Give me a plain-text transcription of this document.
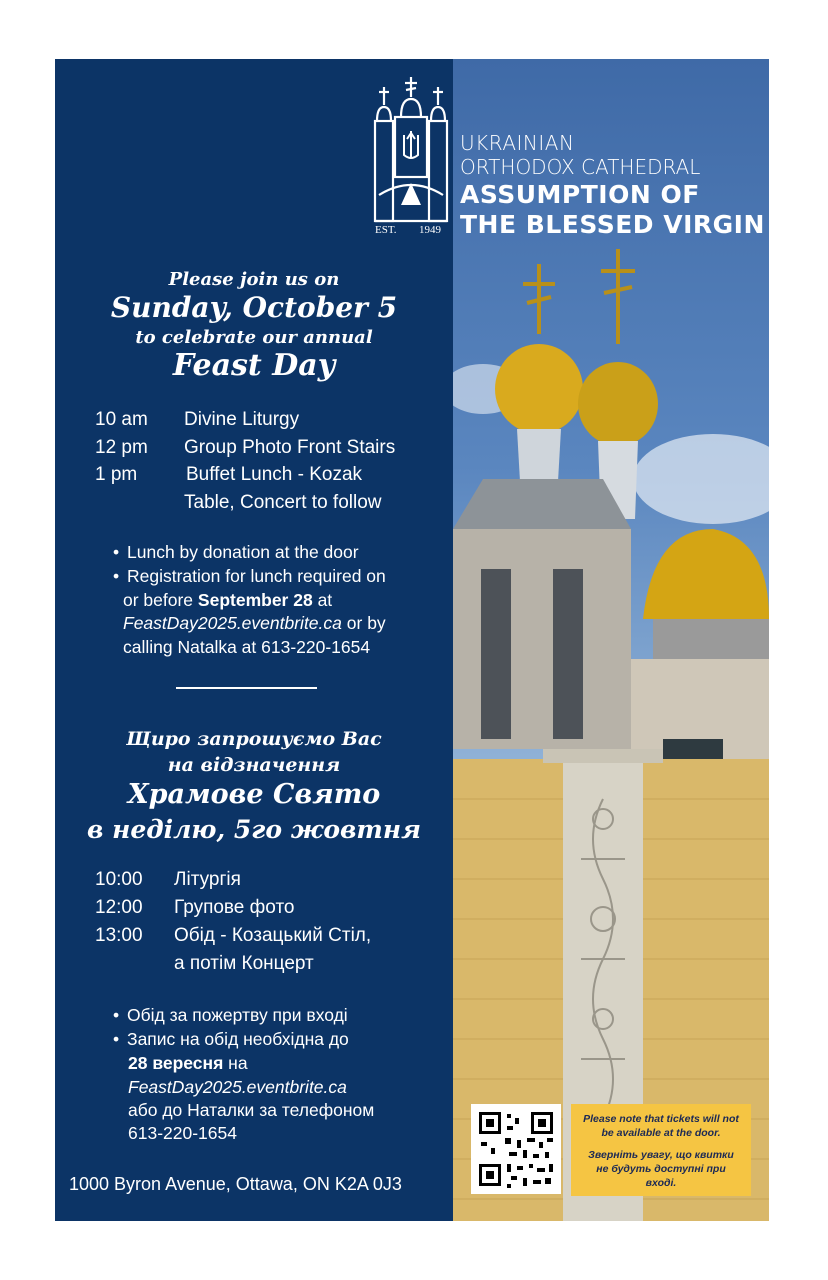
EST. 1949
Please join us on
Sunday, October 5
to celebrate our annual
Feast Day
10 am Divine Liturgy
12 pm Group Photo Front Stairs
1 pm	Buffet Lunch - Kozak
Table, Concert to follow
• Lunch by donation at the door
• Registration for lunch required on
or before September 28 at
FeastDay2025.eventbrite.ca or by
calling Natalka at 613-220-1654
Щиро запрошуємо Вас
на відзначення
Храмове Свято
в неділю, 5го жовтня
10:00 Літургія
12:00 Групове фото
13:00 Обід - Козацький Стіл,
а потім Концерт
• Обід за пожертву при вході
• Запис на обід необхідна до
28 вересня на
FeastDay2025.eventbrite.ca
або до Наталки за телефоном
613-220-1654
1000 Byron Avenue, Ottawa, ON K2A 0J3
UKRAINIAN
ORTHODOX CATHEDRAL
ASSUMPTION OF
THE BLESSED VIRGIN
Please note that tickets will not be available at the door.
Зверніть увагу, що квитки не будуть доступні при вході.
